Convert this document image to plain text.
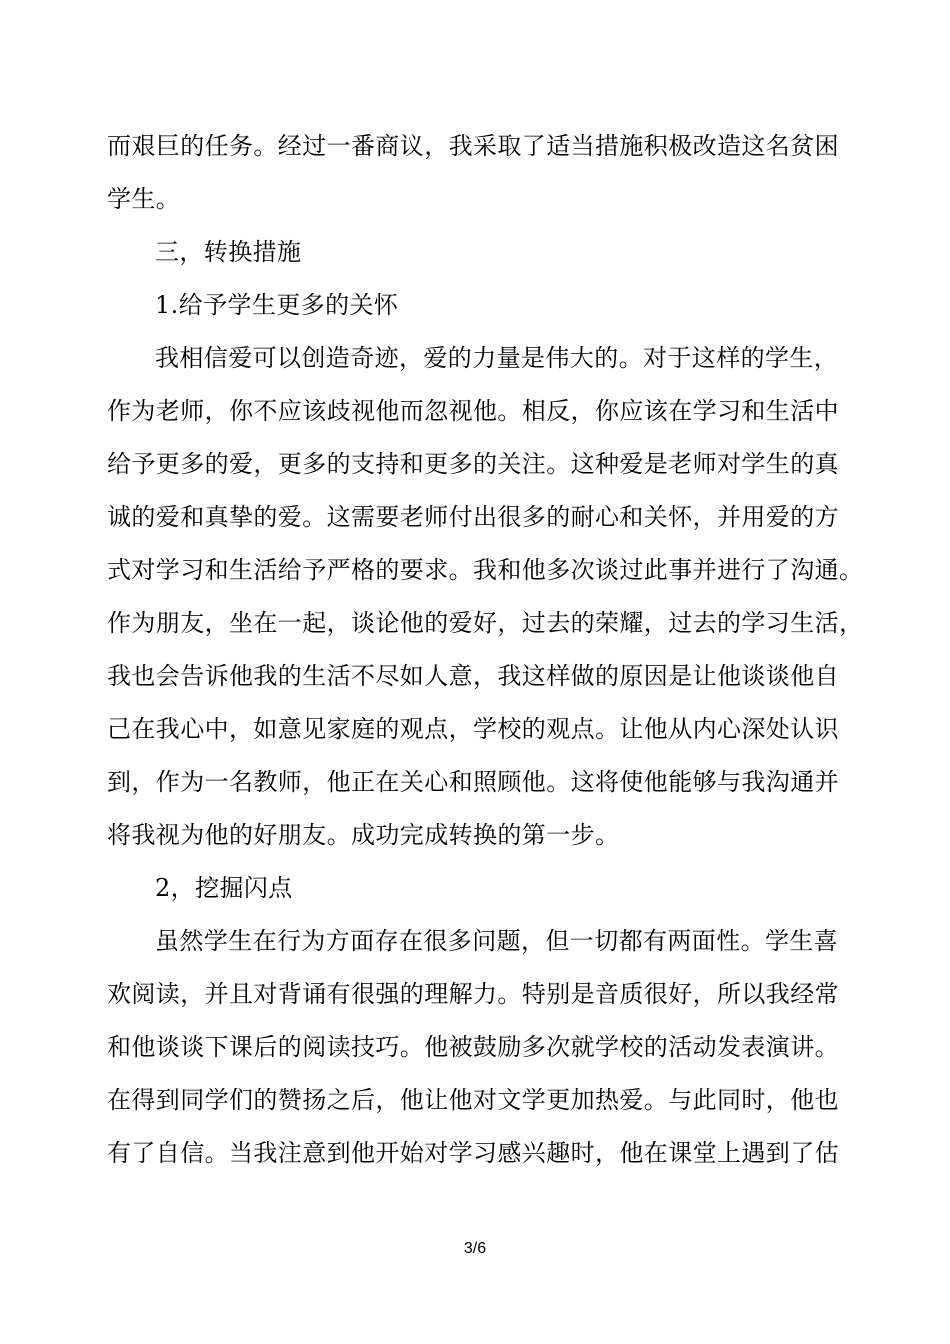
而艰巨的任务。经过一番商议，我采取了适当措施积极改造这名贫困
学生。
三，转换措施
1.给予学生更多的关怀
我相信爱可以创造奇迹，爱的力量是伟大的。对于这样的学生，
作为老师，你不应该歧视他而忽视他。相反，你应该在学习和生活中
给予更多的爱，更多的支持和更多的关注。这种爱是老师对学生的真
诚的爱和真挚的爱。这需要老师付出很多的耐心和关怀，并用爱的方
式对学习和生活给予严格的要求。我和他多次谈过此事并进行了沟通。
作为朋友，坐在一起，谈论他的爱好，过去的荣耀，过去的学习生活，
我也会告诉他我的生活不尽如人意，我这样做的原因是让他谈谈他自
己在我心中，如意见家庭的观点，学校的观点。让他从内心深处认识
到，作为一名教师，他正在关心和照顾他。这将使他能够与我沟通并
将我视为他的好朋友。成功完成转换的第一步。
2，挖掘闪点
虽然学生在行为方面存在很多问题，但一切都有两面性。学生喜
欢阅读，并且对背诵有很强的理解力。特别是音质很好，所以我经常
和他谈谈下课后的阅读技巧。他被鼓励多次就学校的活动发表演讲。
在得到同学们的赞扬之后，他让他对文学更加热爱。与此同时，他也
有了自信。当我注意到他开始对学习感兴趣时，他在课堂上遇到了估
3/6
